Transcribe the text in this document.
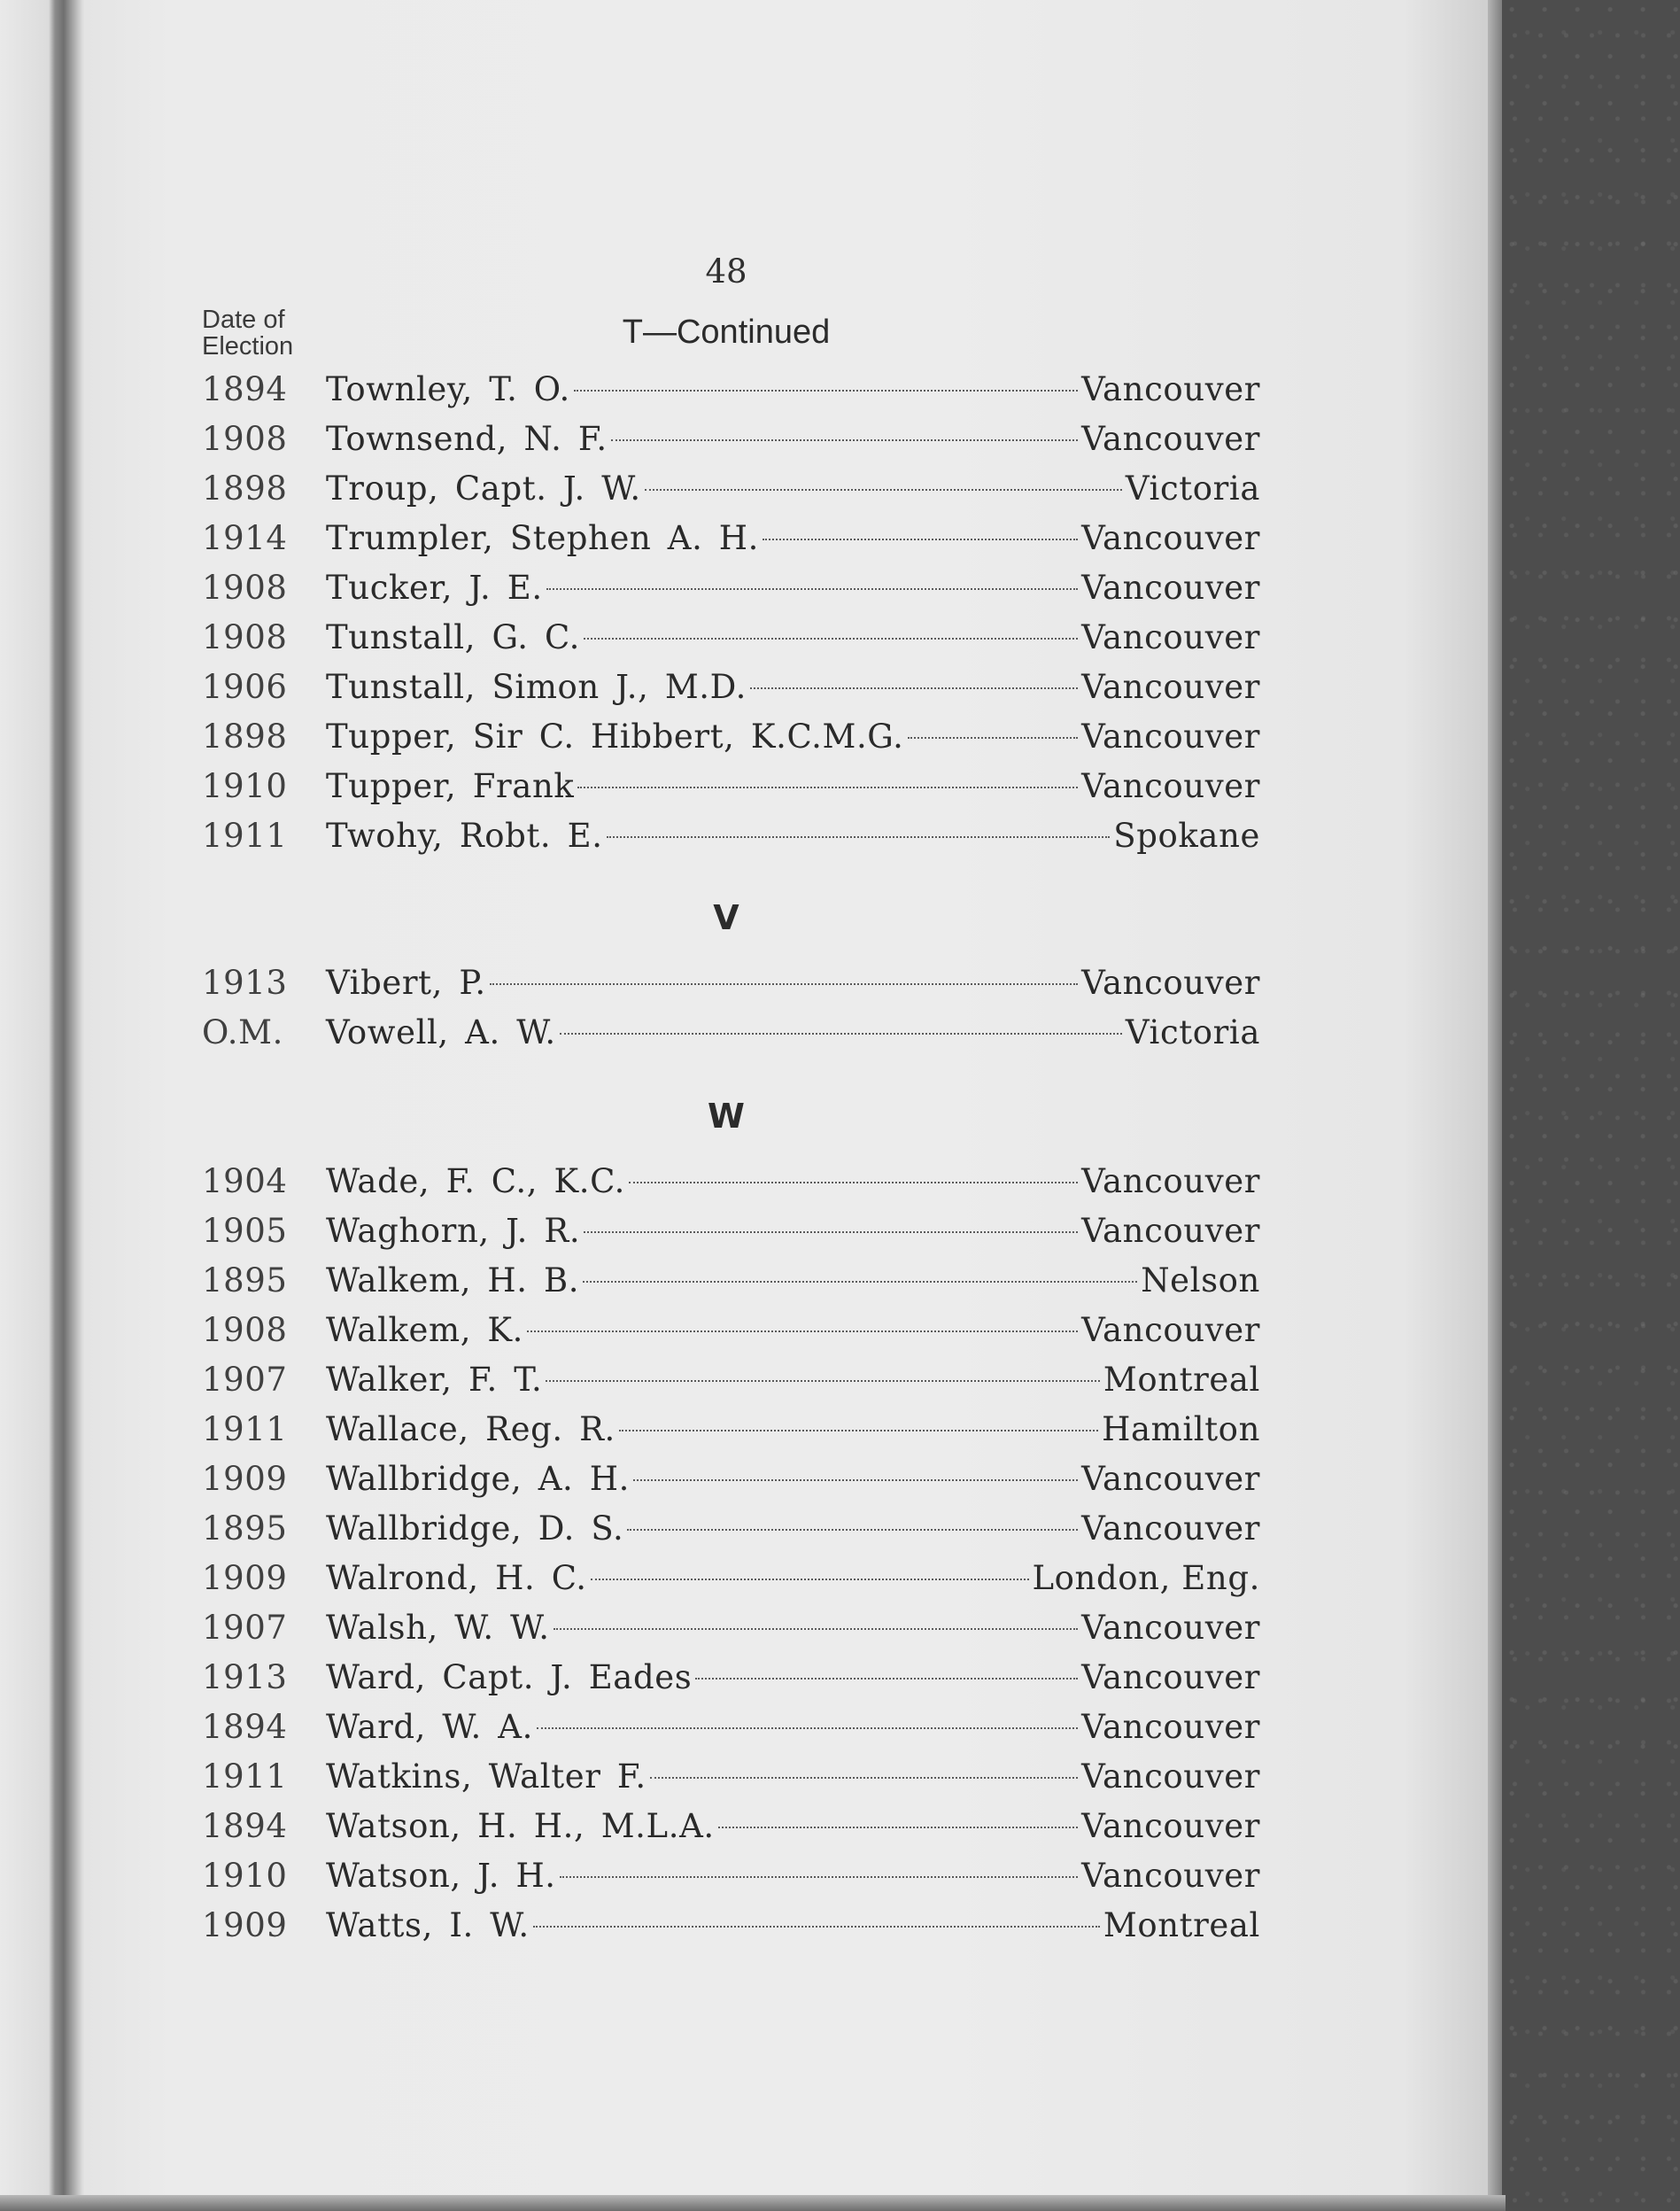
48
Date of
Election	T—Continued
1894	Townley, T. O.	Vancouver
1908	Townsend, N. F.	Vancouver
1898	Troup, Capt. J. W.	Victoria
1914	Trumpler, Stephen A. H.	Vancouver
1908	Tucker, J. E.	Vancouver
1908	Tunstall, G. C.	Vancouver
1906	Tunstall, Simon J., M.D.	Vancouver
1898	Tupper, Sir C. Hibbert, K.C.M.G.	Vancouver
1910	Tupper, Frank	Vancouver
1911	Twohy, Robt. E.	Spokane
V
1913	Vibert, P.	Vancouver
O.M.	Vowell, A. W.	Victoria
W
1904	Wade, F. C., K.C.	Vancouver
1905	Waghorn, J. R.	Vancouver
1895	Walkem, H. B.	Nelson
1908	Walkem, K.	Vancouver
1907	Walker, F. T.	Montreal
1911	Wallace, Reg. R.	Hamilton
1909	Wallbridge, A. H.	Vancouver
1895	Wallbridge, D. S.	Vancouver
1909	Walrond, H. C.	London, Eng.
1907	Walsh, W. W.	Vancouver
1913	Ward, Capt. J. Eades	Vancouver
1894	Ward, W. A.	Vancouver
1911	Watkins, Walter F.	Vancouver
1894	Watson, H. H., M.L.A.	Vancouver
1910	Watson, J. H.	Vancouver
1909	Watts, I. W.	Montreal
